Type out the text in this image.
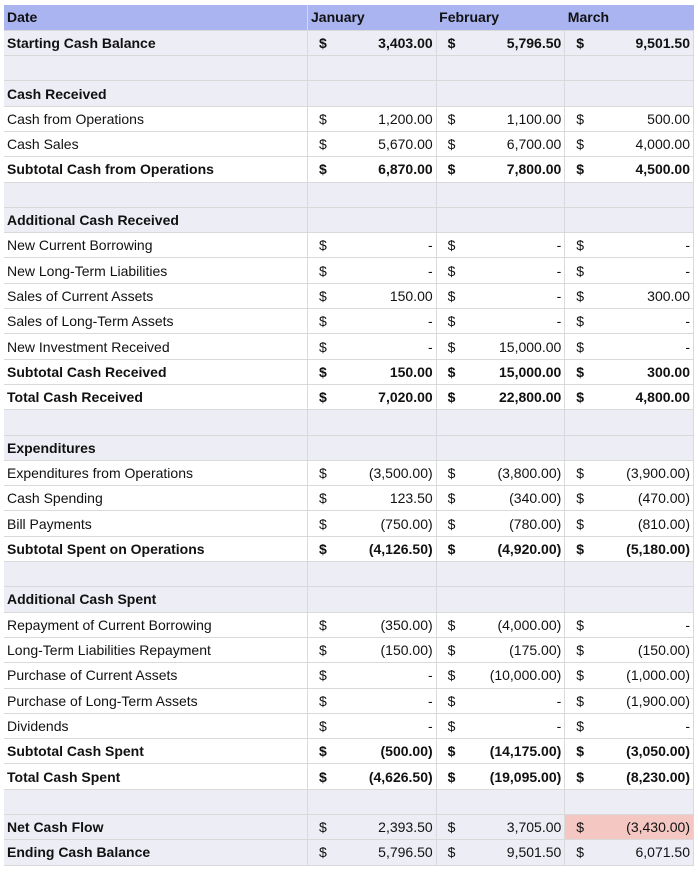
Date	January		February		March	
Starting Cash Balance	$	3,403.00	$	5,796.50	$	9,501.50

Cash Received						
Cash from Operations	$	1,200.00	$	1,100.00	$	500.00
Cash Sales	$	5,670.00	$	6,700.00	$	4,000.00
Subtotal Cash from Operations	$	6,870.00	$	7,800.00	$	4,500.00

Additional Cash Received						
New Current Borrowing	$	-	$	-	$	-
New Long-Term Liabilities	$	-	$	-	$	-
Sales of Current Assets	$	150.00	$	-	$	300.00
Sales of Long-Term Assets	$	-	$	-	$	-
New Investment Received	$	-	$	15,000.00	$	-
Subtotal Cash Received	$	150.00	$	15,000.00	$	300.00
Total Cash Received	$	7,020.00	$	22,800.00	$	4,800.00

Expenditures						
Expenditures from Operations	$	(3,500.00)	$	(3,800.00)	$	(3,900.00)
Cash Spending	$	123.50	$	(340.00)	$	(470.00)
Bill Payments	$	(750.00)	$	(780.00)	$	(810.00)
Subtotal Spent on Operations	$	(4,126.50)	$	(4,920.00)	$	(5,180.00)

Additional Cash Spent						
Repayment of Current Borrowing	$	(350.00)	$	(4,000.00)	$	-
Long-Term Liabilities Repayment	$	(150.00)	$	(175.00)	$	(150.00)
Purchase of Current Assets	$	-	$	(10,000.00)	$	(1,000.00)
Purchase of Long-Term Assets	$	-	$	-	$	(1,900.00)
Dividends	$	-	$	-	$	-
Subtotal Cash Spent	$	(500.00)	$	(14,175.00)	$	(3,050.00)
Total Cash Spent	$	(4,626.50)	$	(19,095.00)	$	(8,230.00)

Net Cash Flow	$	2,393.50	$	3,705.00	$	(3,430.00)
Ending Cash Balance	$	5,796.50	$	9,501.50	$	6,071.50
